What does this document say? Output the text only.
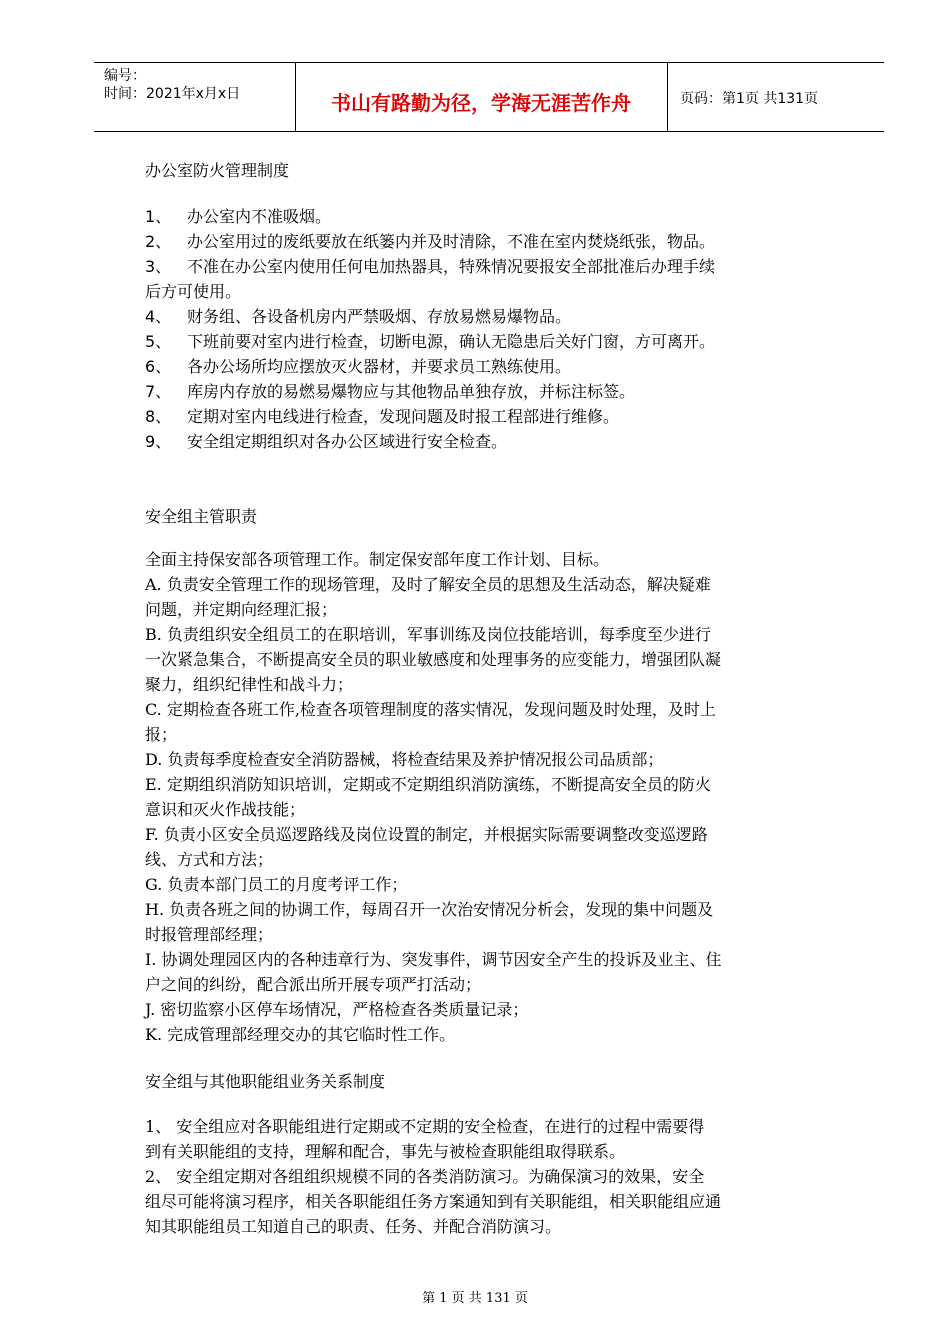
编号：
时间：2021年x月x日	书山有路勤为径，学海无涯苦作舟	页码：第1页 共131页
办公室防火管理制度
1、 办公室内不准吸烟。
2、 办公室用过的废纸要放在纸篓内并及时清除，不准在室内焚烧纸张，物品。
3、 不准在办公室内使用任何电加热器具，特殊情况要报安全部批准后办理手续
后方可使用。
4、 财务组、各设备机房内严禁吸烟、存放易燃易爆物品。
5、 下班前要对室内进行检查，切断电源，确认无隐患后关好门窗，方可离开。
6、 各办公场所均应摆放灭火器材，并要求员工熟练使用。
7、 库房内存放的易燃易爆物应与其他物品单独存放，并标注标签。
8、 定期对室内电线进行检查，发现问题及时报工程部进行维修。
9、 安全组定期组织对各办公区域进行安全检查。
安全组主管职责
全面主持保安部各项管理工作。制定保安部年度工作计划、目标。
A. 负责安全管理工作的现场管理，及时了解安全员的思想及生活动态，解决疑难
问题，并定期向经理汇报；
B. 负责组织安全组员工的在职培训，军事训练及岗位技能培训，每季度至少进行
一次紧急集合，不断提高安全员的职业敏感度和处理事务的应变能力，增强团队凝
聚力，组织纪律性和战斗力；
C. 定期检查各班工作,检查各项管理制度的落实情况，发现问题及时处理，及时上
报；
D. 负责每季度检查安全消防器械，将检查结果及养护情况报公司品质部；
E. 定期组织消防知识培训，定期或不定期组织消防演练，不断提高安全员的防火
意识和灭火作战技能；
F. 负责小区安全员巡逻路线及岗位设置的制定，并根据实际需要调整改变巡逻路
线、方式和方法；
G. 负责本部门员工的月度考评工作；
H. 负责各班之间的协调工作，每周召开一次治安情况分析会，发现的集中问题及
时报管理部经理；
I. 协调处理园区内的各种违章行为、突发事件，调节因安全产生的投诉及业主、住
户之间的纠纷，配合派出所开展专项严打活动；
J. 密切监察小区停车场情况，严格检查各类质量记录；
K. 完成管理部经理交办的其它临时性工作。
安全组与其他职能组业务关系制度
1、 安全组应对各职能组进行定期或不定期的安全检查，在进行的过程中需要得
到有关职能组的支持，理解和配合，事先与被检查职能组取得联系。
2、 安全组定期对各组组织规模不同的各类消防演习。为确保演习的效果，安全
组尽可能将演习程序，相关各职能组任务方案通知到有关职能组，相关职能组应通
知其职能组员工知道自己的职责、任务、并配合消防演习。
第 1 页 共 131 页
